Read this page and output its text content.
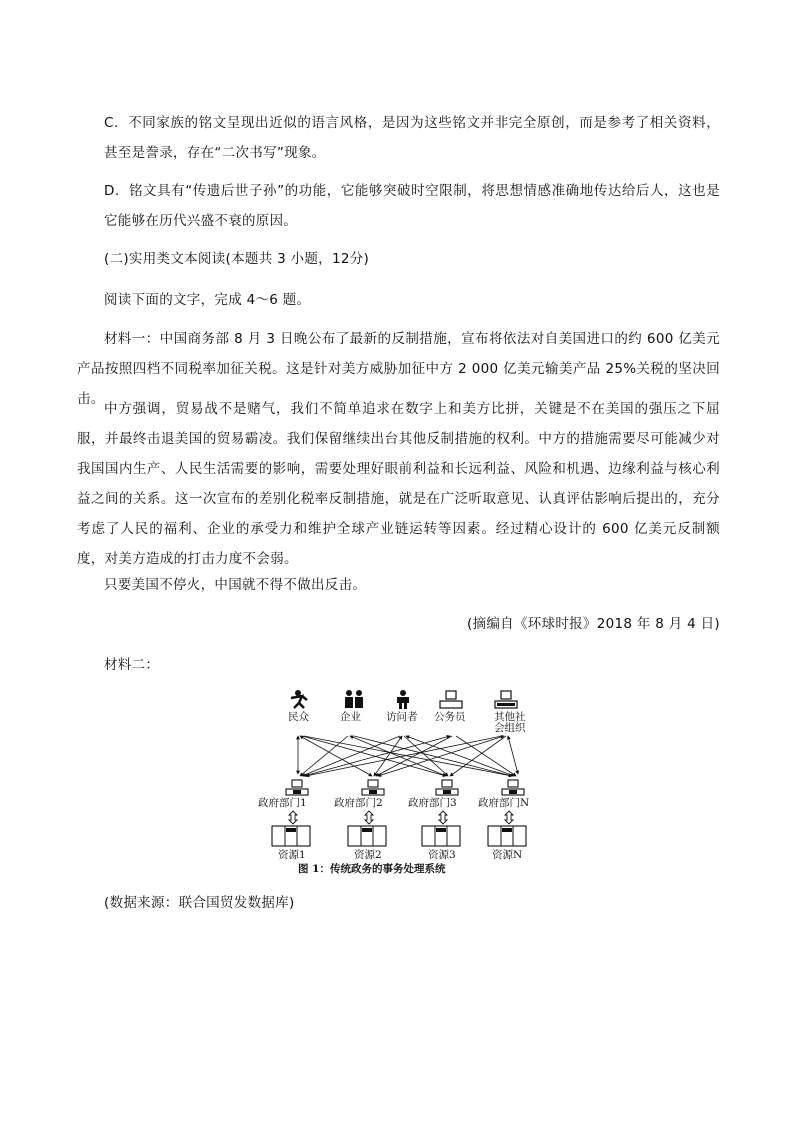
C．不同家族的铭文呈现出近似的语言风格，是因为这些铭文并非完全原创，而是参考了相关资料，甚至是誊录，存在“二次书写”现象。
D．铭文具有“传遗后世子孙”的功能，它能够突破时空限制，将思想情感准确地传达给后人，这也是它能够在历代兴盛不衰的原因。
(二)实用类文本阅读(本题共 3 小题，12分)
阅读下面的文字，完成 4～6 题。
材料一：中国商务部 8 月 3 日晚公布了最新的反制措施，宣布将依法对自美国进口的约 600 亿美元产品按照四档不同税率加征关税。这是针对美方威胁加征中方 2 000 亿美元输美产品 25%关税的坚决回击。
中方强调，贸易战不是赌气，我们不简单追求在数字上和美方比拼，关键是不在美国的强压之下屈服，并最终击退美国的贸易霸凌。我们保留继续出台其他反制措施的权利。中方的措施需要尽可能减少对我国国内生产、人民生活需要的影响，需要处理好眼前利益和长远利益、风险和机遇、边缘利益与核心利益之间的关系。这一次宣布的差别化税率反制措施，就是在广泛听取意见、认真评估影响后提出的，充分考虑了人民的福利、企业的承受力和维护全球产业链运转等因素。经过精心设计的 600 亿美元反制额度，对美方造成的打击力度不会弱。
只要美国不停火，中国就不得不做出反击。
(摘编自《环球时报》2018 年 8 月 4 日)
材料二：
民众	企业 访问者 公务员	其他社
会组织
政府部门1	政府部门2 政府部门3 政府部门N
资源1	资源2	资源3	资源N
图 1：传统政务的事务处理系统
(数据来源：联合国贸发数据库)
